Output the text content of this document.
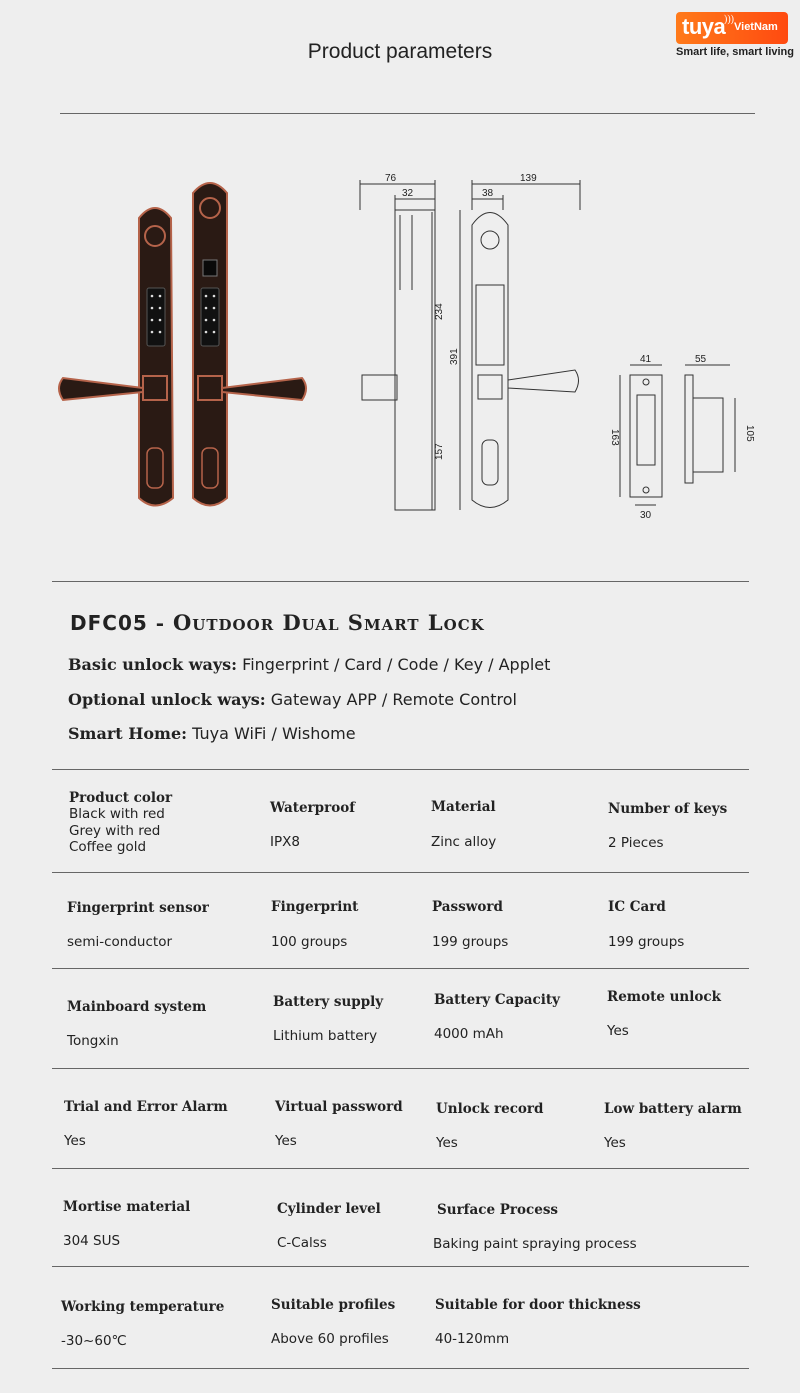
Product parameters
tuya
)))
VietNam
Smart life, smart living
76
32
234
157
139
38
391	41
163
30
55
105
DFC05 - Outdoor Dual Smart Lock
Basic unlock ways: Fingerprint / Card / Code / Key / Applet
Optional unlock ways: Gateway APP / Remote Control
Smart Home: Tuya WiFi / Wishome
Product color
Black with red
Grey with red
Coffee gold
Waterproof
IPX8
Material
Zinc alloy
Number of keys
2 Pieces
Fingerprint sensor
semi-conductor
Fingerprint
100 groups
Password
199 groups
IC Card
199 groups
Mainboard system
Tongxin
Battery supply
Lithium battery
Battery Capacity
4000 mAh
Remote unlock
Yes
Trial and Error Alarm
Yes
Virtual password
Yes
Unlock record
Yes
Low battery alarm
Yes
Mortise material
304 SUS
Cylinder level
C-Calss
Surface Process
Baking paint spraying process
Working temperature
-30~60℃
Suitable profiles
Above 60 profiles
Suitable for door thickness
40-120mm
